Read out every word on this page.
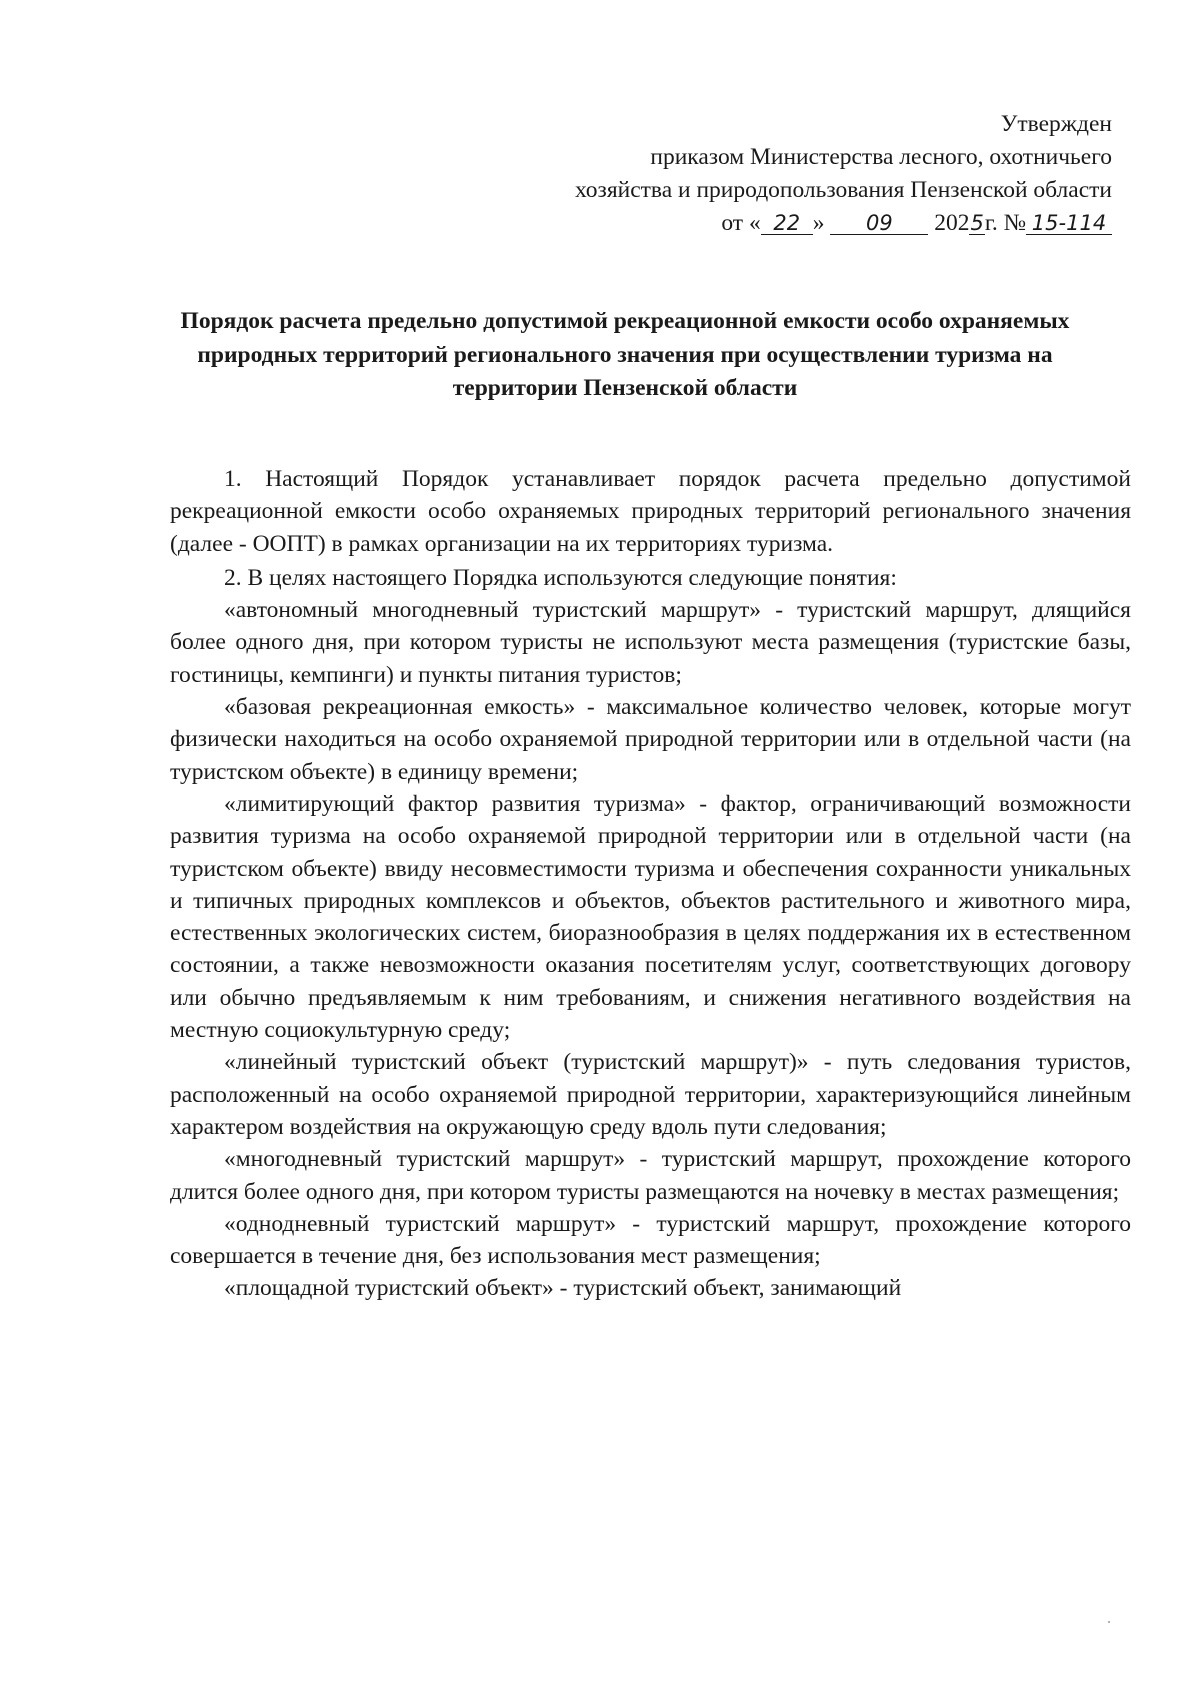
Утвержден
приказом Министерства лесного, охотничьего
хозяйства и природопользования Пензенской области
от « 22 » 09 2025г. № 15-114
Порядок расчета предельно допустимой рекреационной емкости особо охраняемых природных территорий регионального значения при осуществлении туризма на территории Пензенской области

1. Настоящий Порядок устанавливает порядок расчета предельно допустимой рекреационной емкости особо охраняемых природных территорий регионального значения (далее - ООПТ) в рамках организации на их территориях туризма.

2. В целях настоящего Порядка используются следующие понятия:

«автономный многодневный туристский маршрут» - туристский маршрут, длящийся более одного дня, при котором туристы не используют места размещения (туристские базы, гостиницы, кемпинги) и пункты питания туристов;

«базовая рекреационная емкость» - максимальное количество человек, которые могут физически находиться на особо охраняемой природной территории или в отдельной части (на туристском объекте) в единицу времени;

«лимитирующий фактор развития туризма» - фактор, ограничивающий возможности развития туризма на особо охраняемой природной территории или в отдельной части (на туристском объекте) ввиду несовместимости туризма и обеспечения сохранности уникальных и типичных природных комплексов и объектов, объектов растительного и животного мира, естественных экологических систем, биоразнообразия в целях поддержания их в естественном состоянии, а также невозможности оказания посетителям услуг, соответствующих договору или обычно предъявляемым к ним требованиям, и снижения негативного воздействия на местную социокультурную среду;

«линейный туристский объект (туристский маршрут)» - путь следования туристов, расположенный на особо охраняемой природной территории, характеризующийся линейным характером воздействия на окружающую среду вдоль пути следования;

«многодневный туристский маршрут» - туристский маршрут, прохождение которого длится более одного дня, при котором туристы размещаются на ночевку в местах размещения;

«однодневный туристский маршрут» - туристский маршрут, прохождение которого совершается в течение дня, без использования мест размещения;

«площадной туристский объект» - туристский объект, занимающий
